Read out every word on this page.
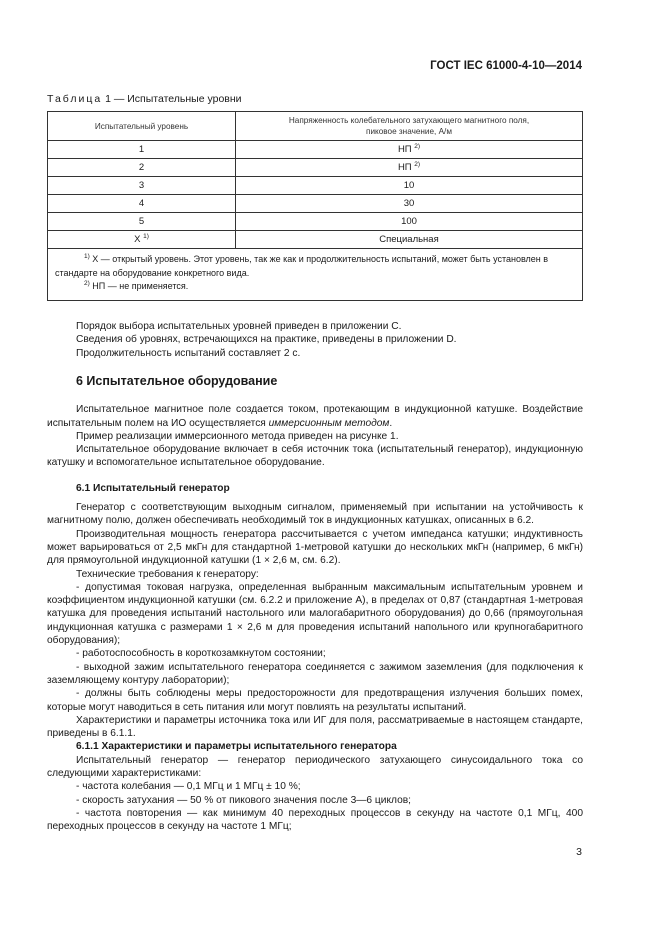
ГОСТ IEC 61000-4-10—2014
Таблица 1 — Испытательные уровни
Испытательный уровень	Напряженность колебательного затухающего магнитного поля,
пиковое значение, А/м
1	НП $^{2)}$
2	НП $^{2)}$
3	10
4	30
5	100
X $^{1)}$	Специальная

$^{1)}$ X — открытый уровень. Этот уровень, так же как и продолжительность испытаний, может быть установлен в стандарте на оборудование конкретного вида.
$^{2)}$ НП — не применяется.	

Порядок выбора испытательных уровней приведен в приложении С.

Сведения об уровнях, встречающихся на практике, приведены в приложении D.

Продолжительность испытаний составляет 2 с.

6 Испытательное оборудование

Испытательное магнитное поле создается током, протекающим в индукционной катушке. Воздействие испытательным полем на ИО осуществляется иммерсионным методом.

Пример реализации иммерсионного метода приведен на рисунке 1.

Испытательное оборудование включает в себя источник тока (испытательный генератор), индукционную катушку и вспомогательное испытательное оборудование.

6.1 Испытательный генератор

Генератор с соответствующим выходным сигналом, применяемый при испытании на устойчивость к магнитному полю, должен обеспечивать необходимый ток в индукционных катушках, описанных в 6.2.

Производительная мощность генератора рассчитывается с учетом импеданса катушки; индуктивность может варьироваться от 2,5 мкГн для стандартной 1-метровой катушки до нескольких мкГн (например, 6 мкГн) для прямоугольной индукционной катушки (1 × 2,6 м, см. 6.2).

Технические требования к генератору:

- допустимая токовая нагрузка, определенная выбранным максимальным испытательным уровнем и коэффициентом индукционной катушки (см. 6.2.2 и приложение А), в пределах от 0,87 (стандартная 1-метровая катушка для проведения испытаний настольного или малогабаритного оборудования) до 0,66 (прямоугольная индукционная катушка с размерами 1 × 2,6 м для проведения испытаний напольного или крупногабаритного оборудования);

- работоспособность в короткозамкнутом состоянии;

- выходной зажим испытательного генератора соединяется с зажимом заземления (для подключения к заземляющему контуру лаборатории);

- должны быть соблюдены меры предосторожности для предотвращения излучения больших помех, которые могут наводиться в сеть питания или могут повлиять на результаты испытаний.

Характеристики и параметры источника тока или ИГ для поля, рассматриваемые в настоящем стандарте, приведены в 6.1.1.

6.1.1 Характеристики и параметры испытательного генератора

Испытательный генератор — генератор периодического затухающего синусоидального тока со следующими характеристиками:

- частота колебания — 0,1 МГц и 1 МГц ± 10 %;

- скорость затухания — 50 % от пикового значения после 3—6 циклов;

- частота повторения — как минимум 40 переходных процессов в секунду на частоте 0,1 МГц, 400 переходных процессов в секунду на частоте 1 МГц;

3
